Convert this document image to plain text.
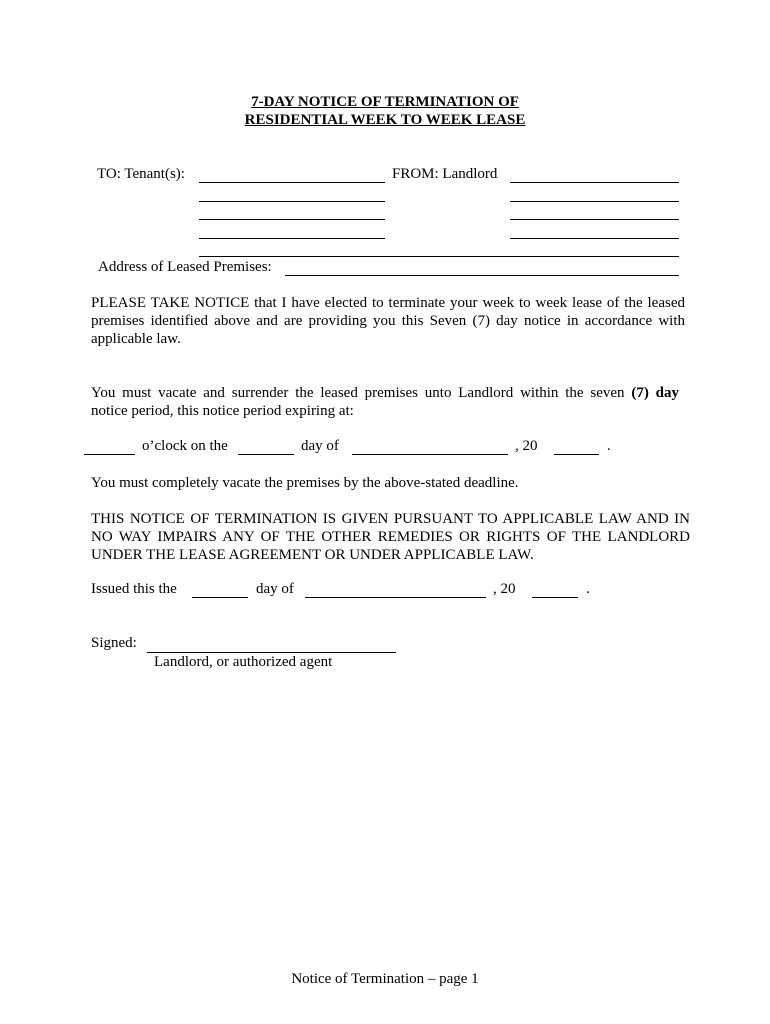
7-DAY NOTICE OF TERMINATION OF
RESIDENTIAL WEEK TO WEEK LEASE
TO: Tenant(s):	FROM: Landlord
Address of Leased Premises:
PLEASE TAKE NOTICE that I have elected to terminate your week to week lease of the leased
premises identified above and are providing you this Seven (7) day notice in accordance with
applicable law.
You must vacate and surrender the leased premises unto Landlord within the seven (7) day
notice period, this notice period expiring at:
o’clock on the	day of	, 20	.
You must completely vacate the premises by the above-stated deadline.
THIS NOTICE OF TERMINATION IS GIVEN PURSUANT TO APPLICABLE LAW AND IN
NO WAY IMPAIRS ANY OF THE OTHER REMEDIES OR RIGHTS OF THE LANDLORD
UNDER THE LEASE AGREEMENT OR UNDER APPLICABLE LAW.
Issued this the	day of	, 20	.
Signed:
Landlord, or authorized agent
Notice of Termination – page 1
